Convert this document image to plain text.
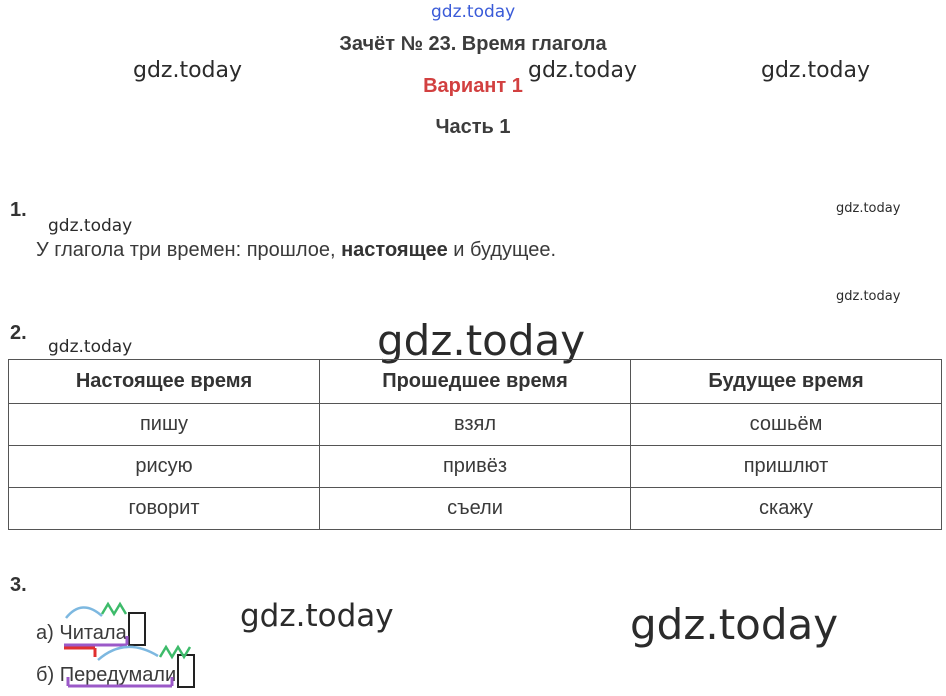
gdz.today
gdz.today	gdz.today	gdz.today
gdz.today
gdz.today
gdz.today
gdz.today	gdz.today
gdz.today	gdz.today
Зачёт № 23. Время глагола
Вариант 1
Часть 1
1.
У глагола три времен: прошлое, настоящее и будущее.
2.
Настоящее время	Прошедшее время	Будущее время
пишу	взял	сошьём
рисую	привёз	пришлют
говорит	съели	скажу
3.
а) Читала
б) Передумали
